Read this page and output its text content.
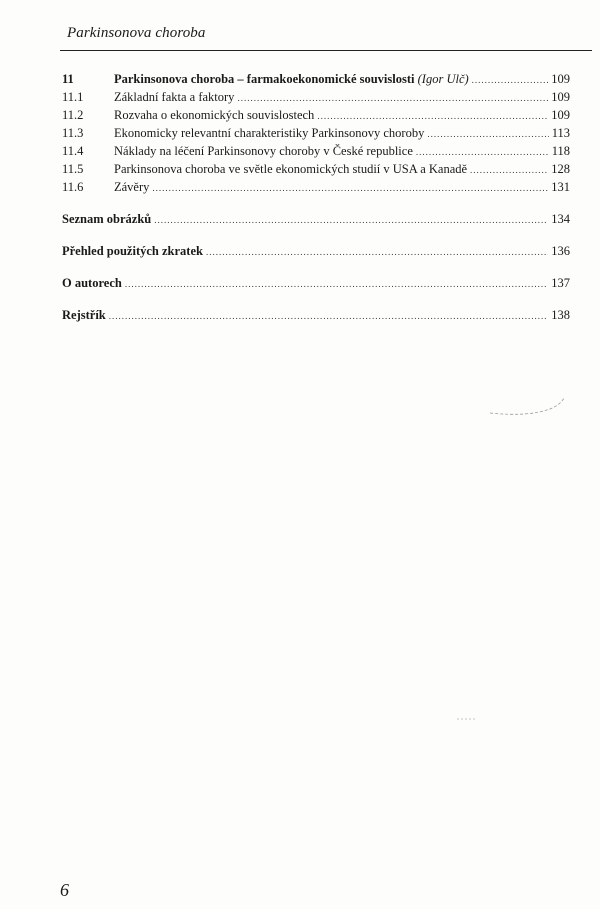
Parkinsonova choroba
11	Parkinsonova choroba – farmakoekonomické souvislosti (Igor Ulč) .....	109
11.1	Základní fakta a faktory .....	109
11.2	Rozvaha o ekonomických souvislostech .....	109
11.3	Ekonomicky relevantní charakteristiky Parkinsonovy choroby .....	113
11.4	Náklady na léčení Parkinsonovy choroby v České republice .....	118
11.5	Parkinsonova choroba ve světle ekonomických studií v USA a Kanadě .....	128
11.6	Závěry .....	131
Seznam obrázků .....	134
Přehled použitých zkratek .....	136
O autorech .....	137
Rejstřík .....	138
6
